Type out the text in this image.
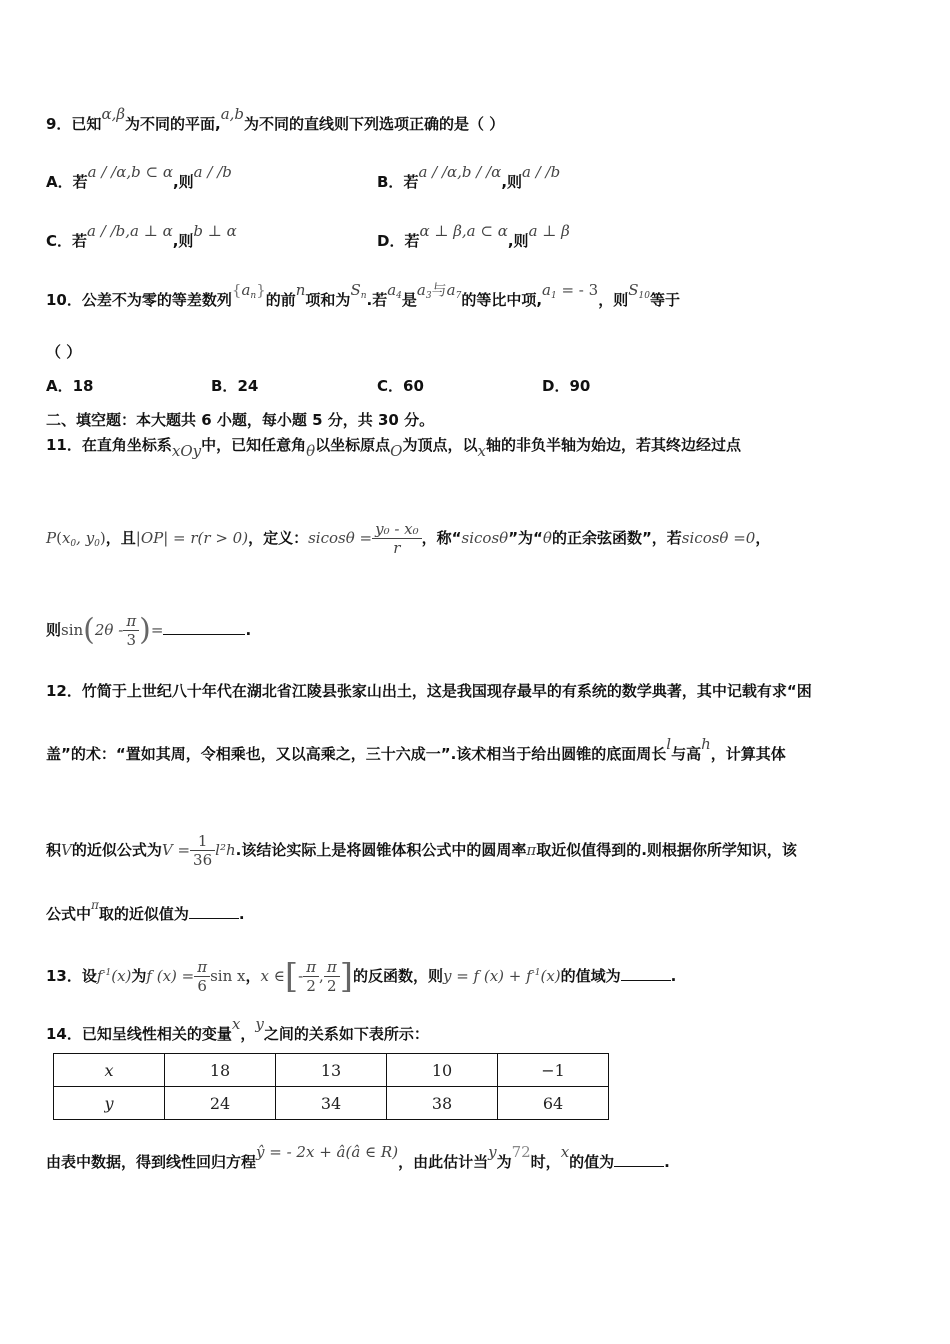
9．已知α,β为不同的平面,a,b为不同的直线则下列选项正确的是（ ）
A．若a / /α,b ⊂ α,则a / /b
B．若a / /α,b / /α,则a / /b
C．若a / /b,a ⊥ α,则b ⊥ α
D．若α ⊥ β,a ⊂ α,则a ⊥ β
10．公差不为零的等差数列$\{a_n\}$的前n项和为$S_n$.若$a_4$是$a_3$与$a_7$的等比中项$,a_1$ = - 3，则$S_{10}$等于
（ ）
A．18	B．24	C．60	D．90
二、填空题：本大题共 6 小题，每小题 5 分，共 30 分。
11．在直角坐标系xOy中，已知任意角θ以坐标原点O为顶点，以x轴的非负半轴为始边，若其终边经过点
$P(x_0$, $y_0$)，且|OP| = r(r > 0)，定义：$sicos\theta = \frac{\text{y₀ - x₀}}{r}$ ，称“sicosθ”为“θ的正余弦函数”，若sicosθ =0，
则$\sin(2\theta - \frac{\pi}{3}$ )=	.
12．竹简于上世纪八十年代在湖北省江陵县张家山出土，这是我国现存最早的有系统的数学典著，其中记载有求“困
盖”的术：“置如其周，令相乘也，又以高乘之，三十六成一”.该术相当于给出圆锥的底面周长l与高h，计算其体
积V的近似公式为$V = \frac{1}{36} l^2h$.该结论实际上是将圆锥体积公式中的圆周率π取近似值得到的.则根据你所学知识，该
公式中$^\pi$取的近似值为	.
13．设$f^{-1}(x)$为f $(x) = \frac{\pi}{6}$ sin x，x ∈[- $\frac{\pi}{2}$ , $\frac{\pi}{2}$ ]的反函数，则y = f $(x) + f^{-1}(x)$的值域为	.
14．已知呈线性相关的变量x，y之间的关系如下表所示：
x	18	13	10	−1
y	24	34	38	64
由表中数据，得到线性回归方程ŷ = - 2x + â(â ∈ R)，由此估计当y为72时，x的值为	.
